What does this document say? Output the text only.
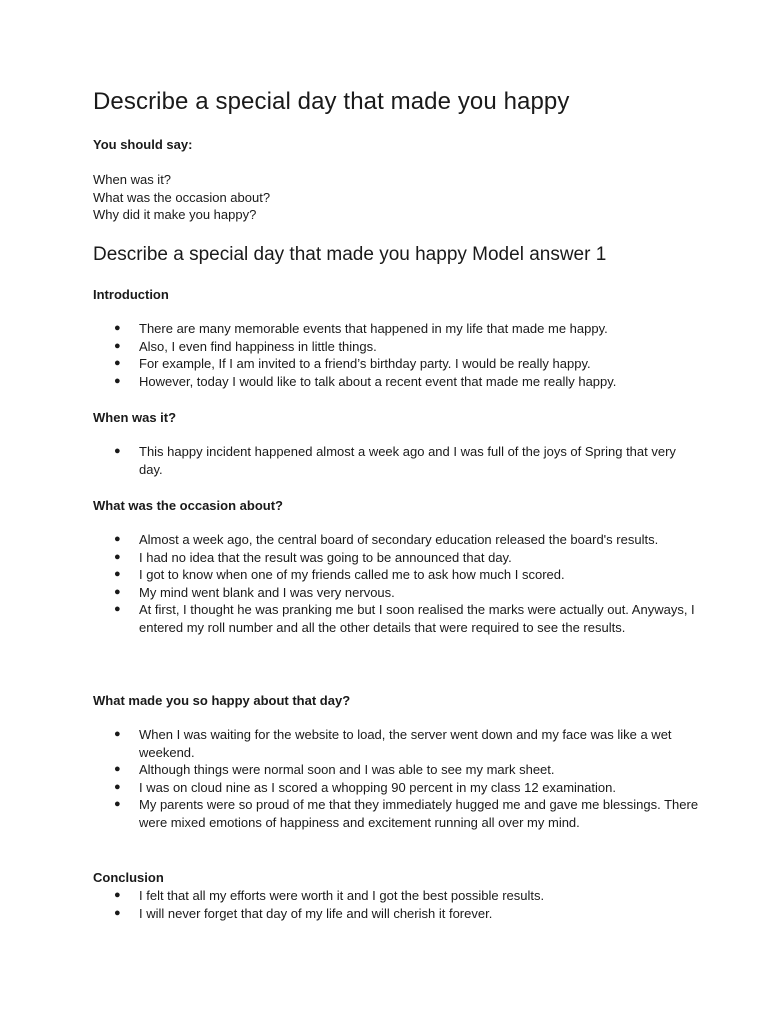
Describe a special day that made you happy

You should say:

When was it?
What was the occasion about?
Why did it make you happy?
Describe a special day that made you happy Model answer 1
Introduction
● There are many memorable events that happened in my life that made me happy.
● Also, I even find happiness in little things.
● For example, If I am invited to a friend’s birthday party. I would be really happy.
● However, today I would like to talk about a recent event that made me really happy.
When was it?
● This happy incident happened almost a week ago and I was full of the joys of Spring that very day.
What was the occasion about?
● Almost a week ago, the central board of secondary education released the board's results.
● I had no idea that the result was going to be announced that day.
● I got to know when one of my friends called me to ask how much I scored.
● My mind went blank and I was very nervous.
● At first, I thought he was pranking me but I soon realised the marks were actually out. Anyways, I entered my roll number and all the other details that were required to see the results.
What made you so happy about that day?
● When I was waiting for the website to load, the server went down and my face was like a wet weekend.
● Although things were normal soon and I was able to see my mark sheet.
● I was on cloud nine as I scored a whopping 90 percent in my class 12 examination.
● My parents were so proud of me that they immediately hugged me and gave me blessings. There were mixed emotions of happiness and excitement running all over my mind.
Conclusion
● I felt that all my efforts were worth it and I got the best possible results.
● I will never forget that day of my life and will cherish it forever.
